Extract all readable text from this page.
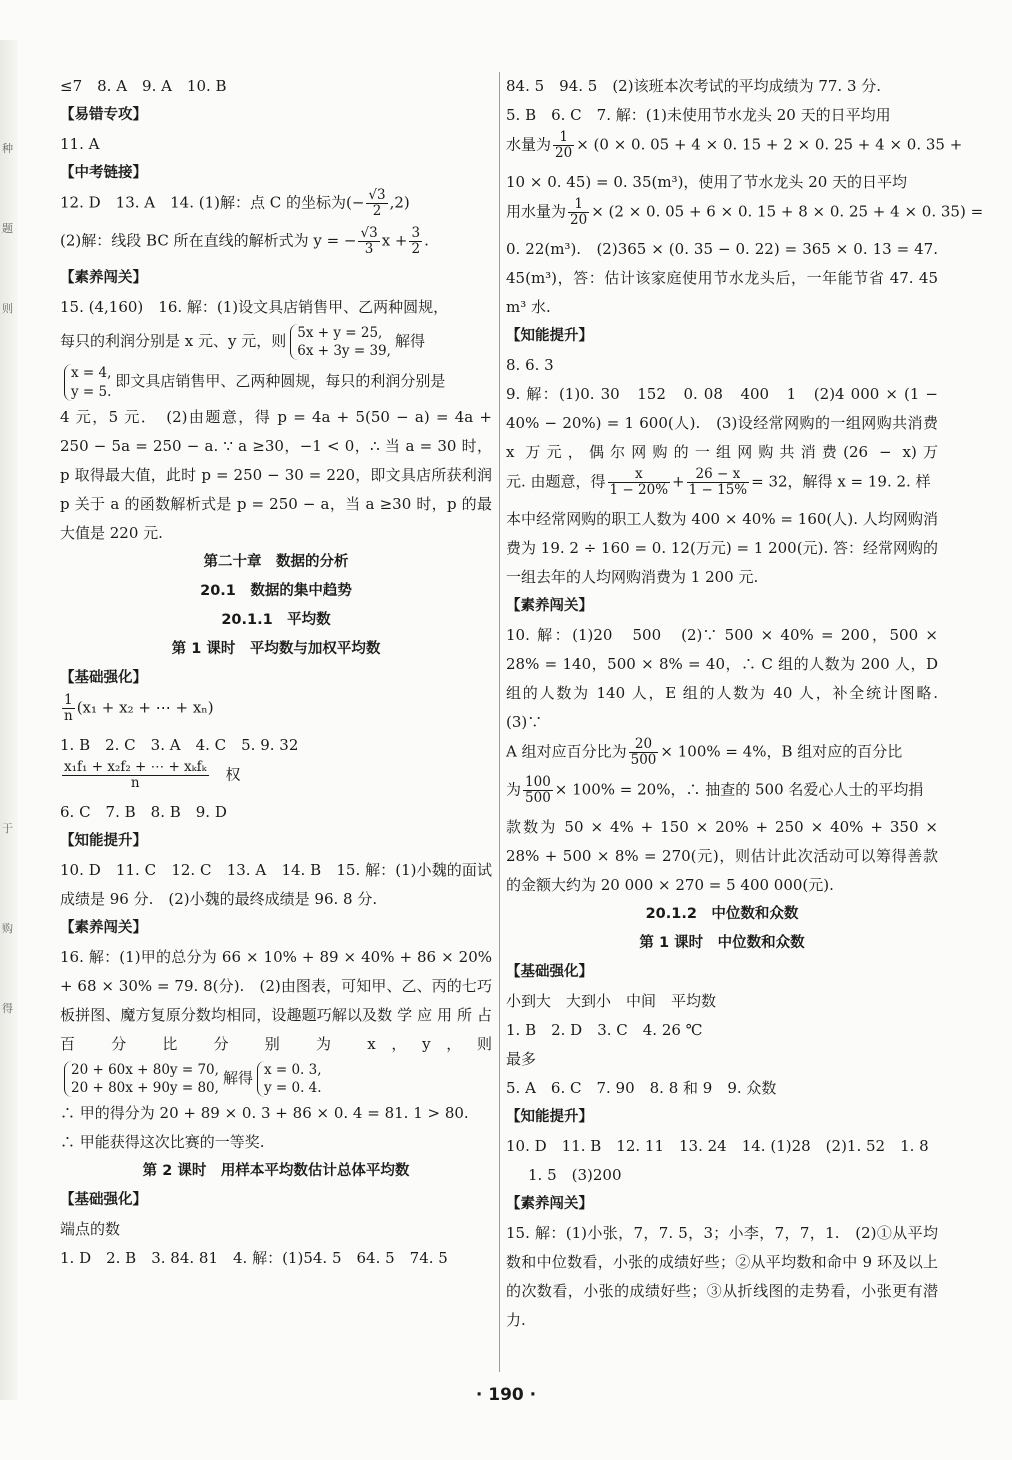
种
题
则
于
购
得
≤7　8. A　9. A　10. B
【易错专攻】
11. A
【中考链接】
12. D　13. A　14. (1)解：点 C 的坐标为(− $\frac{√3}{2} ,2$)
(2)解：线段 BC 所在直线的解析式为 y = − $\frac{√3}{3}$ $x + \frac{3}{2}$ .
【素养闯关】
15. (4,160)　16. 解：(1)设文具店销售甲、乙两种圆规，
每只的利润分别是 x 元、y 元，则 5x + y = 25,
6x + 3y = 39,
解得
x = 4,
y = 5.
即文具店销售甲、乙两种圆规，每只的利润分别是
4 元，5 元．　(2)由题意，得 p = 4a + 5(50 − a) = 4a + 250 − 5a = 250 − a. ∵ a ≥30，−1 < 0，∴ 当 a = 30 时，p 取得最大值，此时 p = 250 − 30 = 220，即文具店所获利润 p 关于 a 的函数解析式是 p = 250 − a，当 a ≥30 时，p 的最大值是 220 元.
第二十章　数据的分析
20.1　数据的集中趋势
20.1.1　平均数
第 1 课时　平均数与加权平均数
【基础强化】
$\frac{1}{n} (x_1 + x_2$ + ⋯ + xₙ)
1. B　2. C　3. A　4. C　5. 9. 32
$\frac{\text{x₁f₁ + x₂f₂ + ⋯ + xₖfₖ}}{n}$
　 权
6. C　7. B　8. B　9. D
【知能提升】
10. D　11. C　12. C　13. A　14. B　15. 解：(1)小魏的面试成绩是 96 分.　(2)小魏的最终成绩是 96. 8 分.
【素养闯关】
16. 解：(1)甲的总分为 66 × 10% + 89 × 40% + 86 × 20% + 68 × 30% = 79. 8(分).　(2)由图表，可知甲、乙、丙的七巧板拼图、魔方复原分数均相同，设趣题巧解以及数 学 应 用 所 占 百 分 比 分 别 为 x，y，则
20 + 60x + 80y = 70,
20 + 80x + 90y = 80,
解得 x = 0. 3,
y = 0. 4.
∴ 甲的得分为 20 + 89 × 0. 3 + 86 × 0. 4 = 81. 1 > 80.
∴ 甲能获得这次比赛的一等奖.
第 2 课时　用样本平均数估计总体平均数
【基础强化】
端点的数
1. D　2. B　3. 84. 81　4. 解：(1)54. 5　64. 5　74. 5
84. 5　94. 5　(2)该班本次考试的平均成绩为 77. 3 分.
5. B　6. C　7. 解：(1)未使用节水龙头 20 天的日平均用
水量为 $\frac{1}{20} \times (0 \times 0$. 05 + 4 × 0. 15 + 2 × 0. 25 + 4 × 0. 35 +
10 × 0. 45) = 0. 35(m³)，使用了节水龙头 20 天的日平均
用水量为 $\frac{1}{20} \times (2 \times 0$. 05 + 6 × 0. 15 + 8 × 0. 25 + 4 × 0. 35) =
0. 22(m³).　(2)365 × (0. 35 − 0. 22) = 365 × 0. 13 = 47. 45(m³)，答：估计该家庭使用节水龙头后，一年能节省 47. 45 m³ 水.
【知能提升】
8. 6. 3
9. 解：(1)0. 30　152　0. 08　400　1　(2)4 000 × (1 − 40% − 20%) = 1 600(人).　(3)设经常网购的一组网购共消费 x 万元，偶尔网购的一组网购共消费(26 − x)万
元. 由题意，得 $\frac{x}{1 - 20\%} + \frac{26 - x}{1 - 15\%} = 32$，解得 x = 19. 2. 样
本中经常网购的职工人数为 400 × 40% = 160(人). 人均网购消费为 19. 2 ÷ 160 = 0. 12(万元) = 1 200(元). 答：经常网购的一组去年的人均网购消费为 1 200 元.
【素养闯关】
10. 解：(1)20　500　(2)∵ 500 × 40% = 200，500 × 28% = 140，500 × 8% = 40，∴ C 组的人数为 200 人，D 组的人数为 140 人，E 组的人数为 40 人，补全统计图略.　(3)∵
A 组对应百分比为 $\frac{20}{500} \times 100\% = 4\%$，B 组对应的百分比
为 $\frac{100}{500} \times 100\% = 20\%$，∴ 抽查的 500 名爱心人士的平均捐
款数为 50 × 4% + 150 × 20% + 250 × 40% + 350 × 28% + 500 × 8% = 270(元)，则估计此次活动可以筹得善款的金额大约为 20 000 × 270 = 5 400 000(元).
20.1.2　中位数和众数
第 1 课时　中位数和众数
【基础强化】
小到大　大到小　中间　平均数
1. B　2. D　3. C　4. 26 ℃
最多
5. A　6. C　7. 90　8. 8 和 9　9. 众数
【知能提升】
10. D　11. B　12. 11　13. 24　14. (1)28　(2)1. 52　1. 8
1. 5　(3)200
【素养闯关】
15. 解：(1)小张，7，7. 5，3；小李，7，7，1.　(2)①从平均数和中位数看，小张的成绩好些；②从平均数和命中 9 环及以上的次数看，小张的成绩好些；③从折线图的走势看，小张更有潜力.
· 190 ·
